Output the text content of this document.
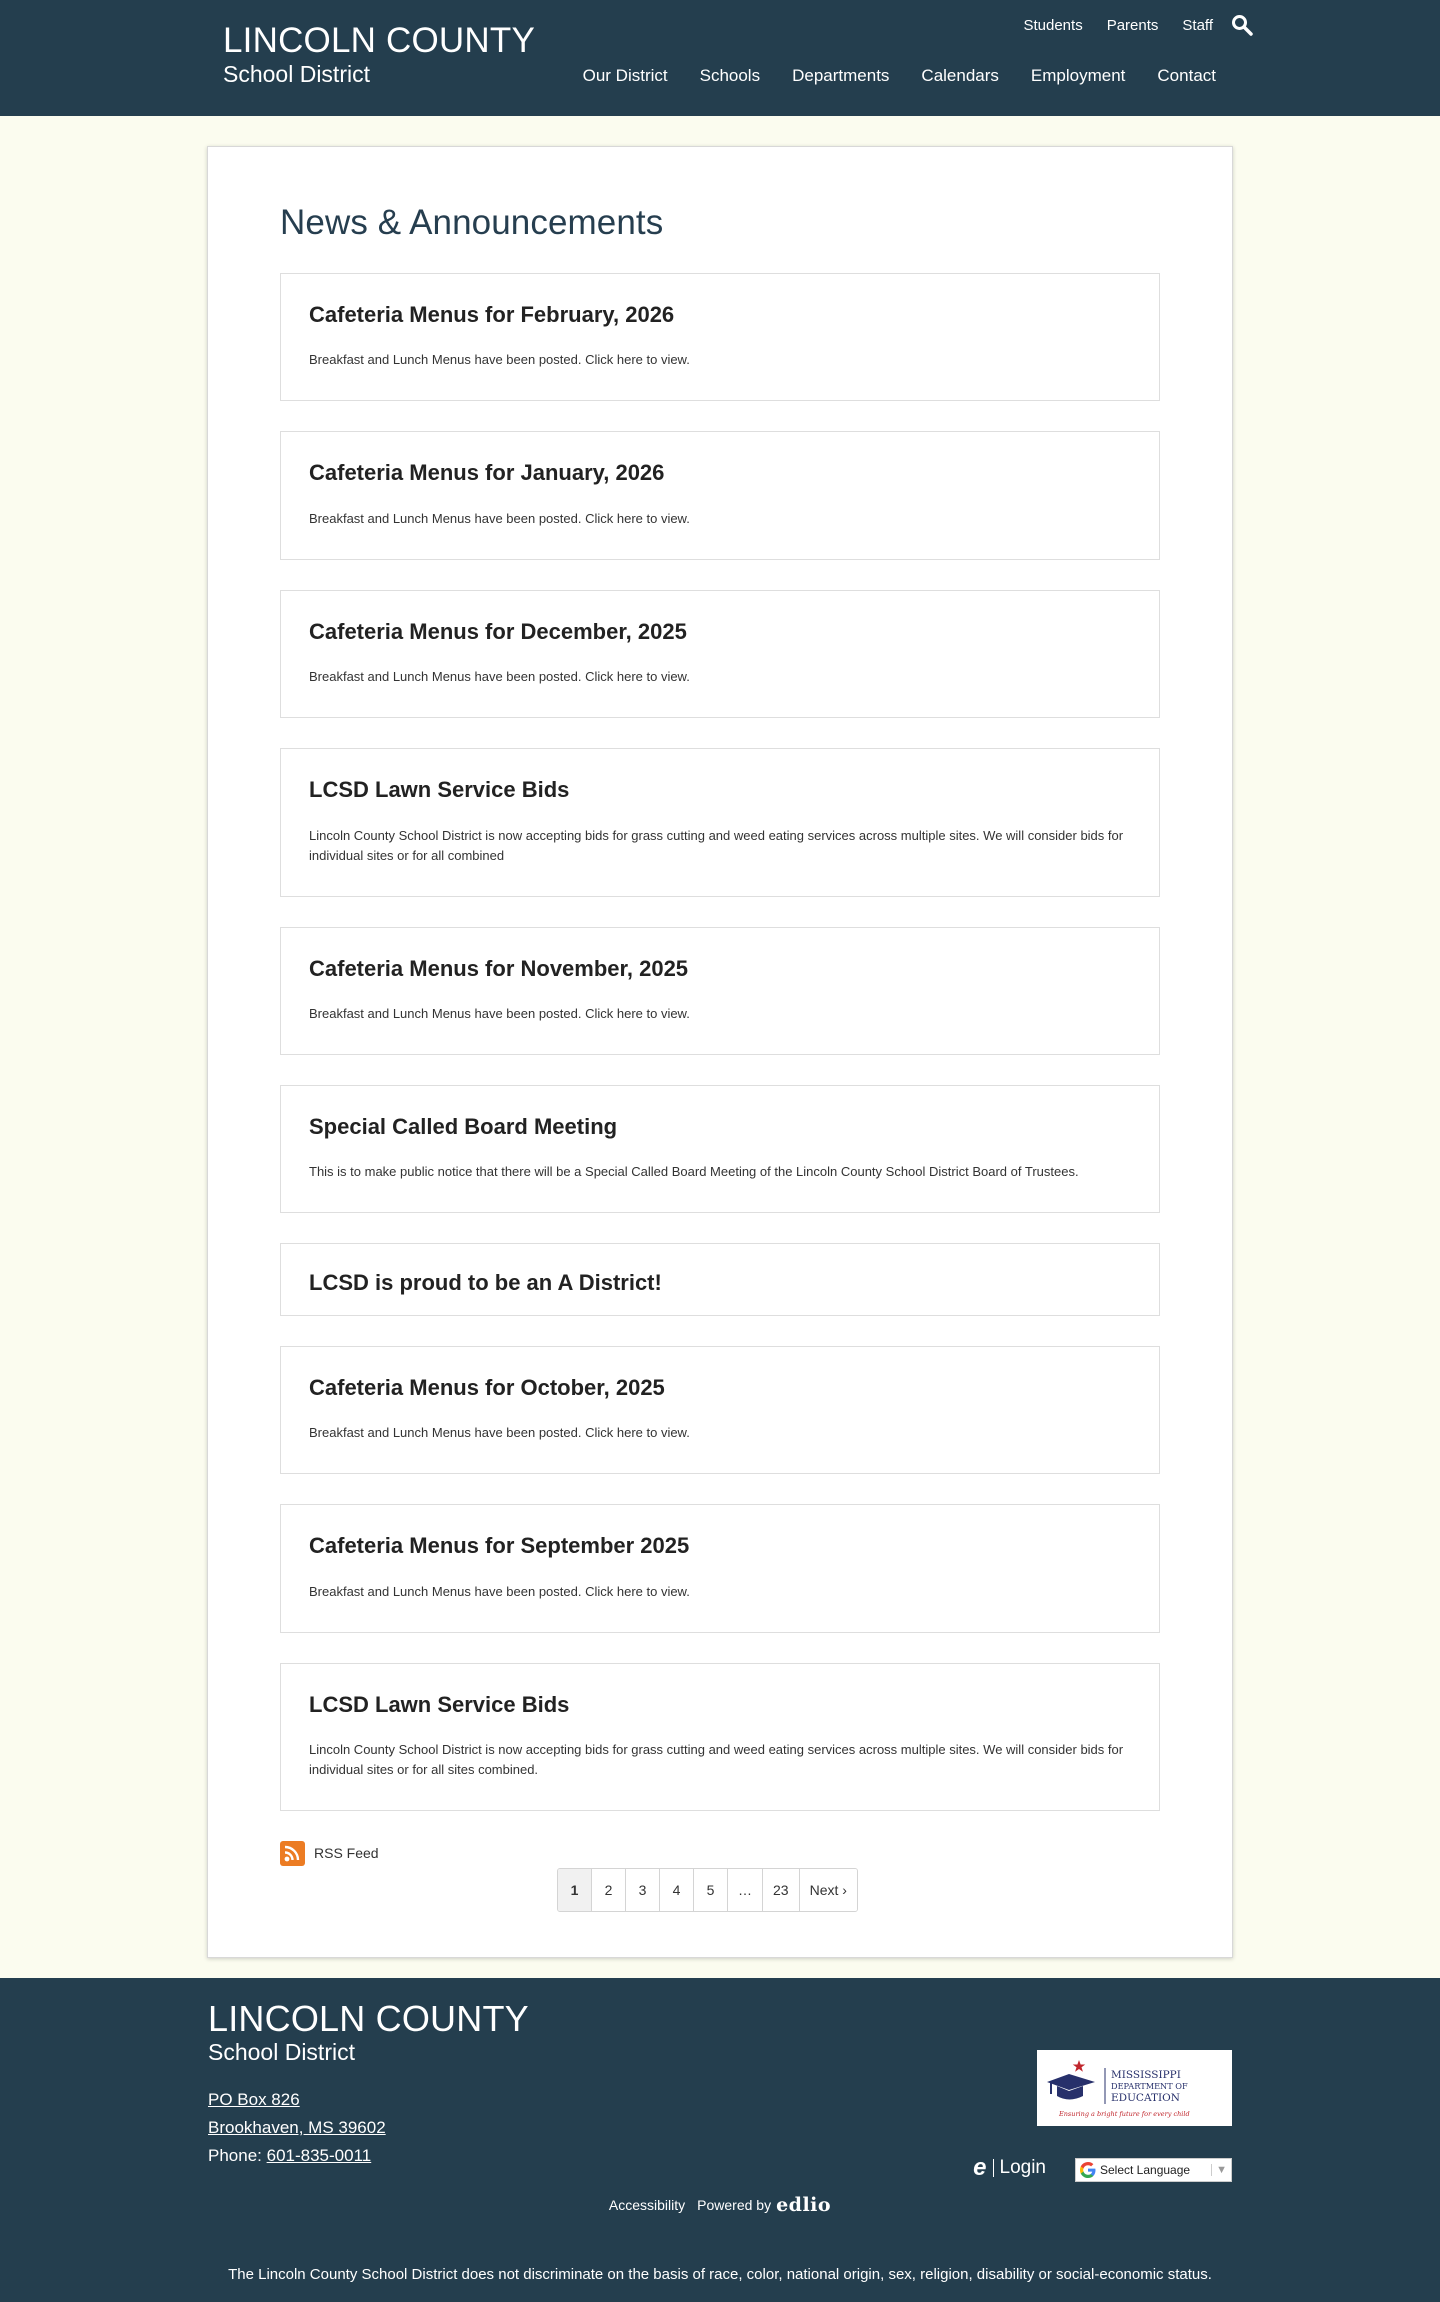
LINCOLN COUNTY
School District
Students Parents Staff
Our District Schools Departments Calendars Employment Contact
News & Announcements
Cafeteria Menus for February, 2026

Breakfast and Lunch Menus have been posted. Click here to view.

Cafeteria Menus for January, 2026

Breakfast and Lunch Menus have been posted. Click here to view.

Cafeteria Menus for December, 2025

Breakfast and Lunch Menus have been posted. Click here to view.

LCSD Lawn Service Bids

Lincoln County School District is now accepting bids for grass cutting and weed eating services across multiple sites. We will consider bids for individual sites or for all combined

Cafeteria Menus for November, 2025

Breakfast and Lunch Menus have been posted. Click here to view.

Special Called Board Meeting

This is to make public notice that there will be a Special Called Board Meeting of the Lincoln County School District Board of Trustees.

LCSD is proud to be an A District!
Cafeteria Menus for October, 2025

Breakfast and Lunch Menus have been posted. Click here to view.

Cafeteria Menus for September 2025

Breakfast and Lunch Menus have been posted. Click here to view.

LCSD Lawn Service Bids

Lincoln County School District is now accepting bids for grass cutting and weed eating services across multiple sites. We will consider bids for individual sites or for all sites combined.

RSS Feed
1	2	3	4	5	…	23	Next ›
LINCOLN COUNTY
School District
PO Box 826
Brookhaven, MS 39602
Phone: 601-835-0011
MISSISSIPPI
DEPARTMENT OF
EDUCATION
Ensuring a bright future for every child
e Login	Select Language	▼
Accessibility Powered by edlio

The Lincoln County School District does not discriminate on the basis of race, color, national origin, sex, religion, disability or social-economic status.
